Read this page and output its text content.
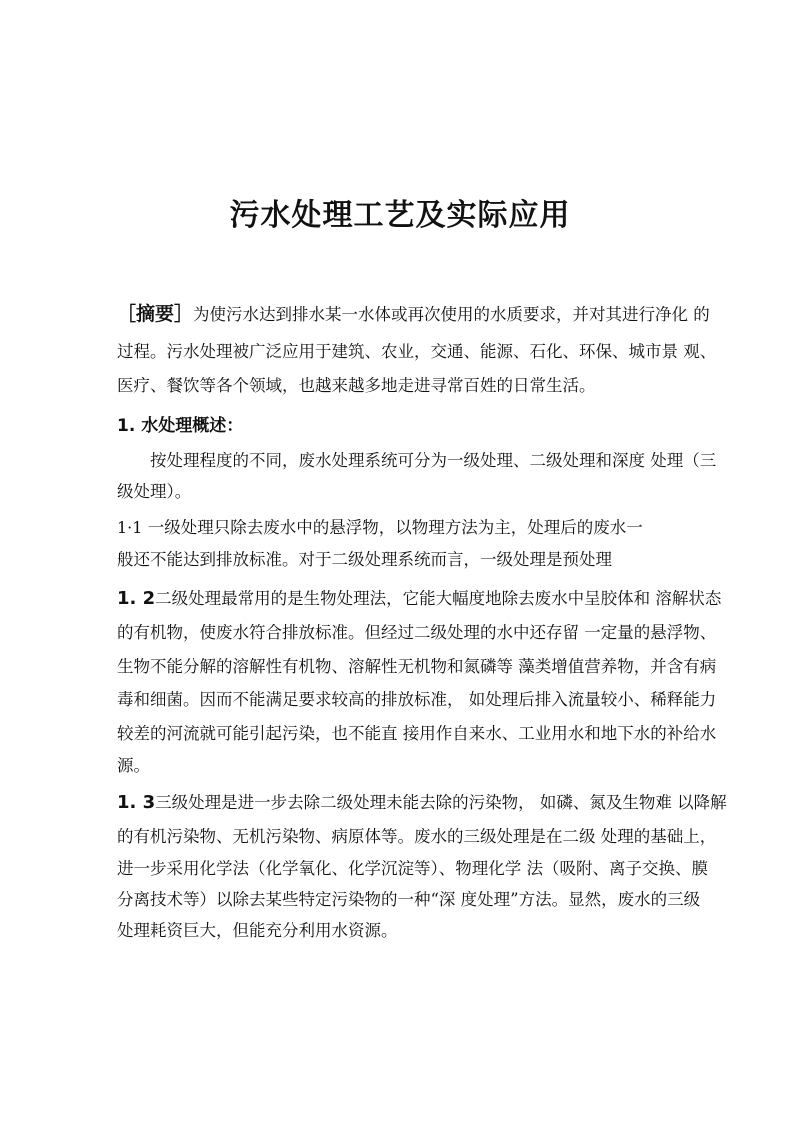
污水处理工艺及实际应用
［摘要］为使污水达到排水某一水体或再次使用的水质要求，并对其进行净化 的
过程。污水处理被广泛应用于建筑、农业，交通、能源、石化、环保、城市景 观、
医疗、餐饮等各个领域，也越来越多地走进寻常百姓的日常生活。
1. 水处理概述：
按处理程度的不同，废水处理系统可分为一级处理、二级处理和深度 处理（三
级处理）。
1·1 一级处理只除去废水中的悬浮物，以物理方法为主，处理后的废水一
般还不能达到排放标准。对于二级处理系统而言，一级处理是预处理
1. 2二级处理最常用的是生物处理法，它能大幅度地除去废水中呈胶体和 溶解状态
的有机物，使废水符合排放标准。但经过二级处理的水中还存留 一定量的悬浮物、
生物不能分解的溶解性有机物、溶解性无机物和氮磷等 藻类增值营养物，并含有病
毒和细菌。因而不能满足要求较高的排放标准， 如处理后排入流量较小、稀释能力
较差的河流就可能引起污染，也不能直 接用作自来水、工业用水和地下水的补给水
源。
1. 3三级处理是进一步去除二级处理未能去除的污染物， 如磷、氮及生物难 以降解
的有机污染物、无机污染物、病原体等。废水的三级处理是在二级 处理的基础上，
进一步采用化学法（化学氧化、化学沉淀等）、物理化学 法（吸附、离子交换、膜
分离技术等）以除去某些特定污染物的一种“深 度处理”方法。显然，废水的三级
处理耗资巨大，但能充分利用水资源。
